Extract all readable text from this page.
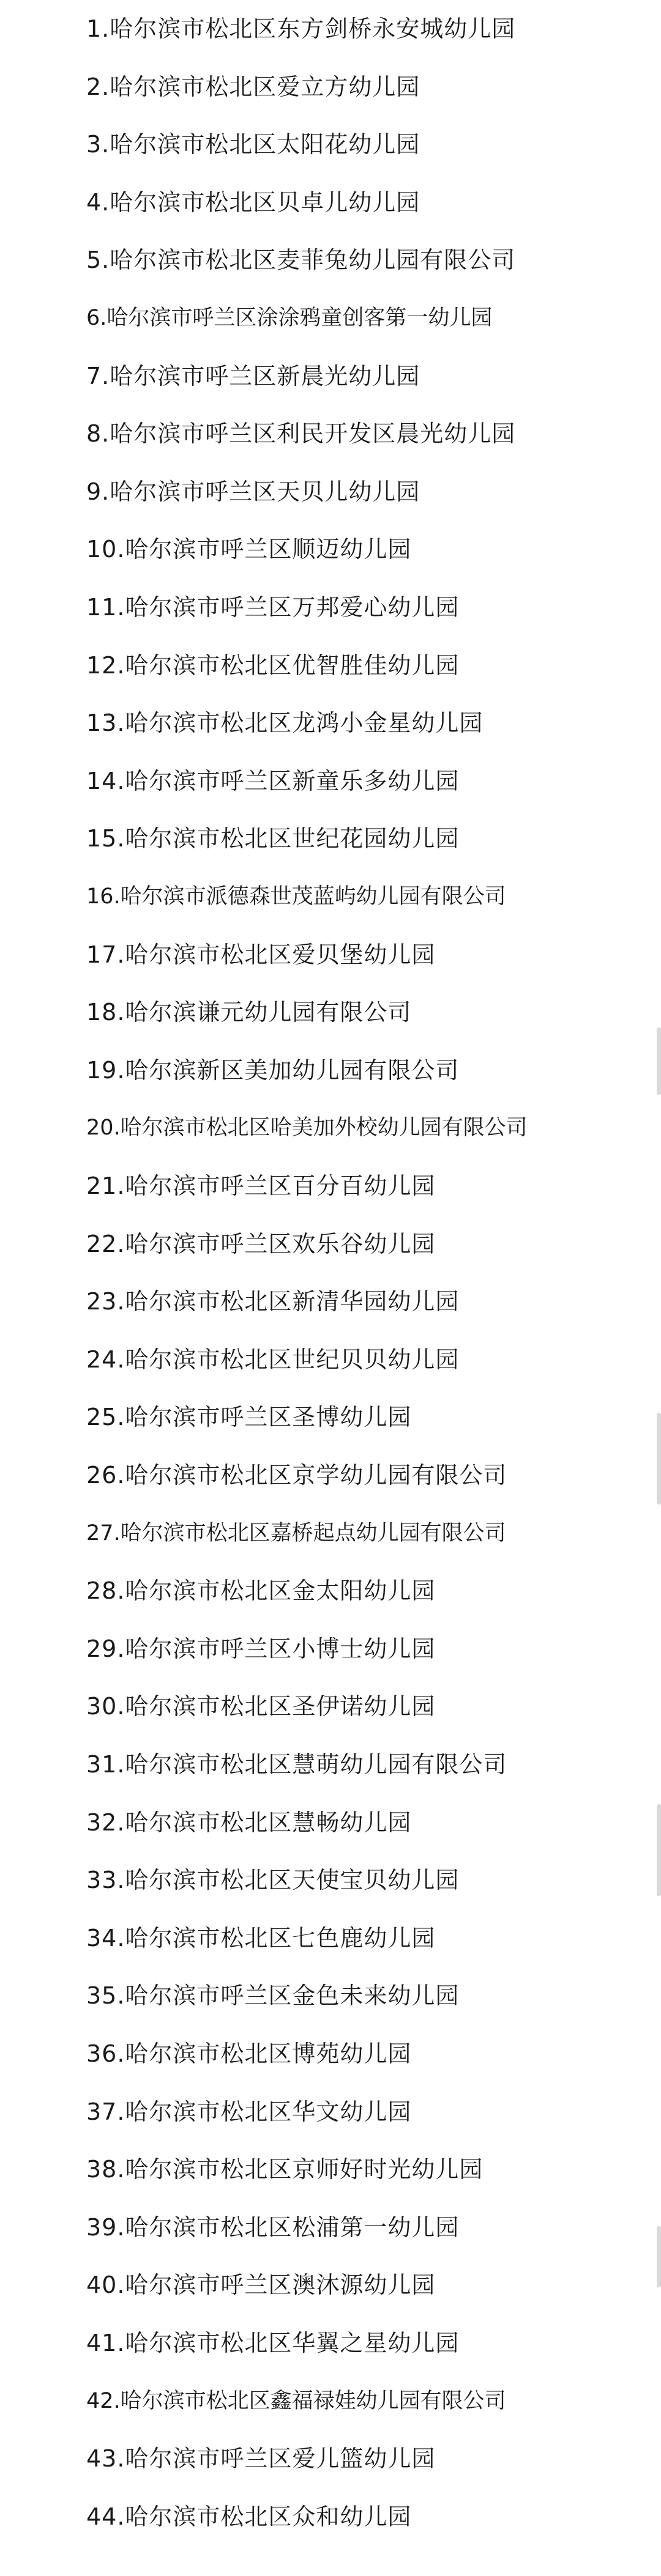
1.哈尔滨市松北区东方剑桥永安城幼儿园
2.哈尔滨市松北区爱立方幼儿园
3.哈尔滨市松北区太阳花幼儿园
4.哈尔滨市松北区贝卓儿幼儿园
5.哈尔滨市松北区麦菲兔幼儿园有限公司
6.哈尔滨市呼兰区涂涂鸦童创客第一幼儿园
7.哈尔滨市呼兰区新晨光幼儿园
8.哈尔滨市呼兰区利民开发区晨光幼儿园
9.哈尔滨市呼兰区天贝儿幼儿园
10.哈尔滨市呼兰区顺迈幼儿园
11.哈尔滨市呼兰区万邦爱心幼儿园
12.哈尔滨市松北区优智胜佳幼儿园
13.哈尔滨市松北区龙鸿小金星幼儿园
14.哈尔滨市呼兰区新童乐多幼儿园
15.哈尔滨市松北区世纪花园幼儿园
16.哈尔滨市派德森世茂蓝屿幼儿园有限公司
17.哈尔滨市松北区爱贝堡幼儿园
18.哈尔滨谦元幼儿园有限公司
19.哈尔滨新区美加幼儿园有限公司
20.哈尔滨市松北区哈美加外校幼儿园有限公司
21.哈尔滨市呼兰区百分百幼儿园
22.哈尔滨市呼兰区欢乐谷幼儿园
23.哈尔滨市松北区新清华园幼儿园
24.哈尔滨市松北区世纪贝贝幼儿园
25.哈尔滨市呼兰区圣博幼儿园
26.哈尔滨市松北区京学幼儿园有限公司
27.哈尔滨市松北区嘉桥起点幼儿园有限公司
28.哈尔滨市松北区金太阳幼儿园
29.哈尔滨市呼兰区小博士幼儿园
30.哈尔滨市松北区圣伊诺幼儿园
31.哈尔滨市松北区慧萌幼儿园有限公司
32.哈尔滨市松北区慧畅幼儿园
33.哈尔滨市松北区天使宝贝幼儿园
34.哈尔滨市松北区七色鹿幼儿园
35.哈尔滨市呼兰区金色未来幼儿园
36.哈尔滨市松北区博苑幼儿园
37.哈尔滨市松北区华文幼儿园
38.哈尔滨市松北区京师好时光幼儿园
39.哈尔滨市松北区松浦第一幼儿园
40.哈尔滨市呼兰区澳沐源幼儿园
41.哈尔滨市松北区华翼之星幼儿园
42.哈尔滨市松北区鑫福禄娃幼儿园有限公司
43.哈尔滨市呼兰区爱儿篮幼儿园
44.哈尔滨市松北区众和幼儿园
